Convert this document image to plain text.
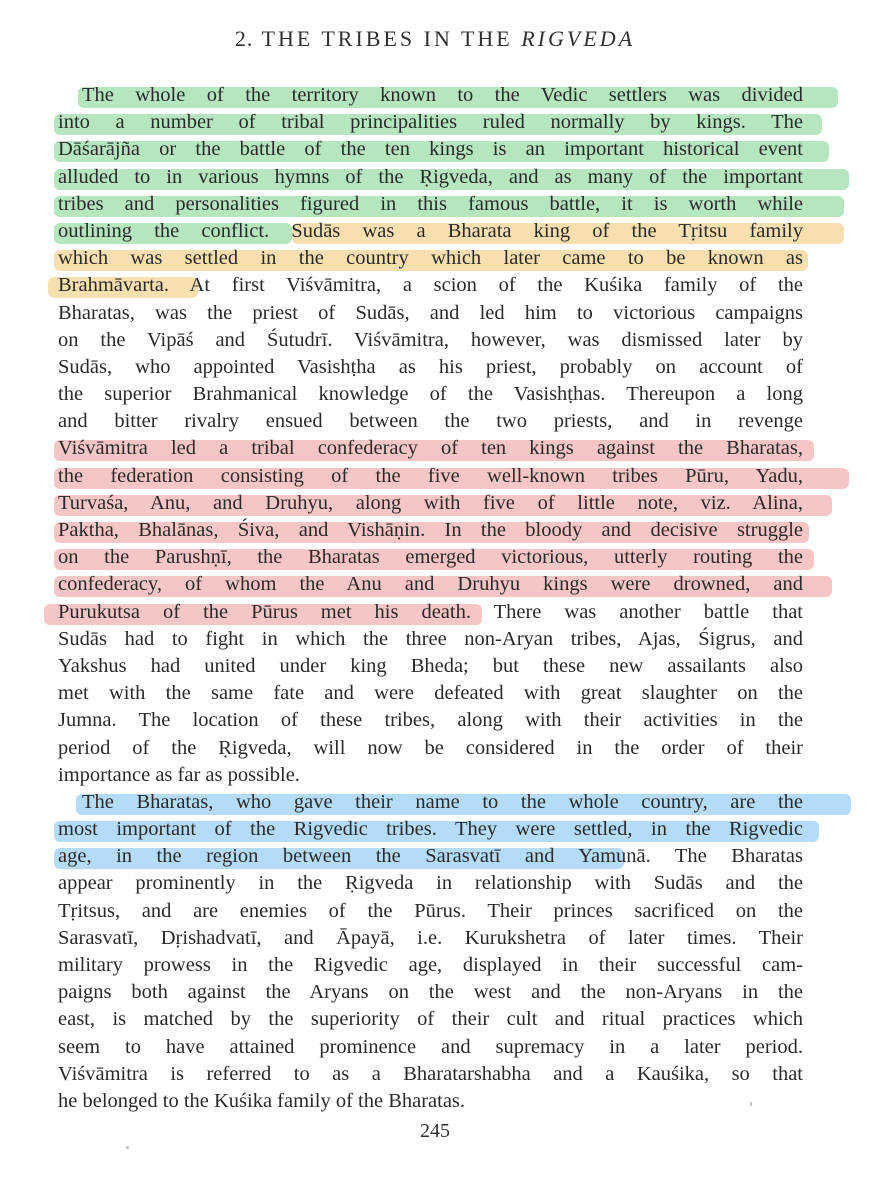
2. THE TRIBES IN THE RIGVEDA
The whole of the territory known to the Vedic settlers was divided
into a number of tribal principalities ruled normally by kings. The
Dāśarājña or the battle of the ten kings is an important historical event
alluded to in various hymns of the Ṛigveda, and as many of the important
tribes and personalities figured in this famous battle, it is worth while
outlining the conflict. Sudās was a Bharata king of the Tṛitsu family
which was settled in the country which later came to be known as
Brahmāvarta. At first Viśvāmitra, a scion of the Kuśika family of the
Bharatas, was the priest of Sudās, and led him to victorious campaigns
on the Vipāś and Śutudrī. Viśvāmitra, however, was dismissed later by
Sudās, who appointed Vasishṭha as his priest, probably on account of
the superior Brahmanical knowledge of the Vasishṭhas. Thereupon a long
and bitter rivalry ensued between the two priests, and in revenge
Viśvāmitra led a tribal confederacy of ten kings against the Bharatas,
the federation consisting of the five well-known tribes Pūru, Yadu,
Turvaśa, Anu, and Druhyu, along with five of little note, viz. Alina,
Paktha, Bhalānas, Śiva, and Vishāṇin. In the bloody and decisive struggle
on the Parushṇī, the Bharatas emerged victorious, utterly routing the
confederacy, of whom the Anu and Druhyu kings were drowned, and
Purukutsa of the Pūrus met his death. There was another battle that
Sudās had to fight in which the three non-Aryan tribes, Ajas, Śigrus, and
Yakshus had united under king Bheda; but these new assailants also
met with the same fate and were defeated with great slaughter on the
Jumna. The location of these tribes, along with their activities in the
period of the Ṛigveda, will now be considered in the order of their
importance as far as possible.
The Bharatas, who gave their name to the whole country, are the
most important of the Rigvedic tribes. They were settled, in the Rigvedic
age, in the region between the Sarasvatī and Yamunā. The Bharatas
appear prominently in the Ṛigveda in relationship with Sudās and the
Tṛitsus, and are enemies of the Pūrus. Their princes sacrificed on the
Sarasvatī, Dṛishadvatī, and Āpayā, i.e. Kurukshetra of later times. Their
military prowess in the Rigvedic age, displayed in their successful cam-
paigns both against the Aryans on the west and the non-Aryans in the
east, is matched by the superiority of their cult and ritual practices which
seem to have attained prominence and supremacy in a later period.
Viśvāmitra is referred to as a Bharatarshabha and a Kauśika, so that
he belonged to the Kuśika family of the Bharatas.
245
